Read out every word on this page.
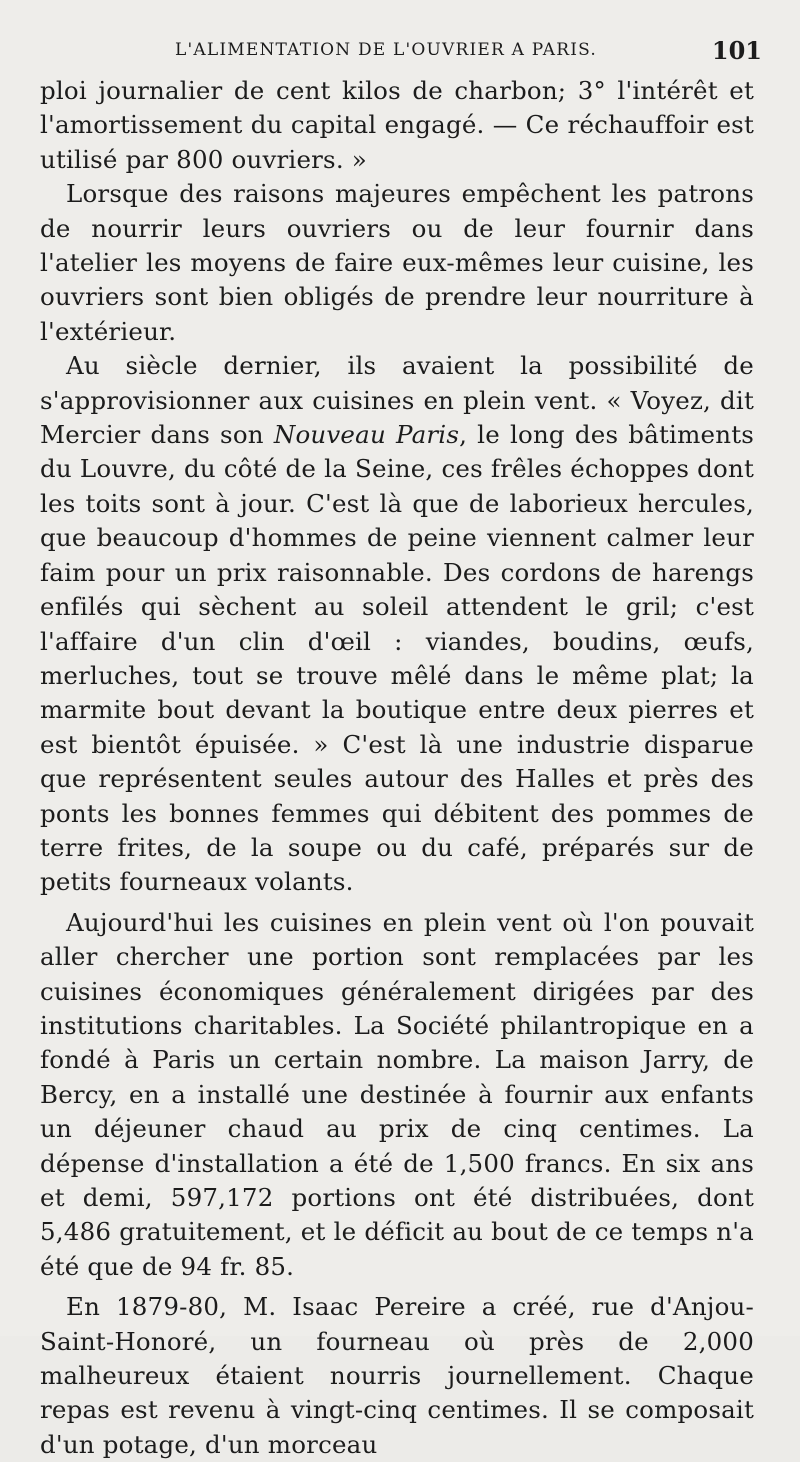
L'ALIMENTATION DE L'OUVRIER A PARIS.	101

ploi journalier de cent kilos de charbon; 3° l'intérêt et l'amortissement du capital engagé. — Ce réchauffoir est utilisé par 800 ouvriers. »

Lorsque des raisons majeures empêchent les patrons de nourrir leurs ouvriers ou de leur fournir dans l'atelier les moyens de faire eux-mêmes leur cuisine, les ouvriers sont bien obligés de prendre leur nourriture à l'extérieur.

Au siècle dernier, ils avaient la possibilité de s'approvisionner aux cuisines en plein vent. « Voyez, dit Mercier dans son Nouveau Paris, le long des bâtiments du Louvre, du côté de la Seine, ces frêles échoppes dont les toits sont à jour. C'est là que de laborieux hercules, que beaucoup d'hommes de peine viennent calmer leur faim pour un prix raisonnable. Des cordons de harengs enfilés qui sèchent au soleil attendent le gril; c'est l'affaire d'un clin d'œil : viandes, boudins, œufs, merluches, tout se trouve mêlé dans le même plat; la marmite bout devant la boutique entre deux pierres et est bientôt épuisée. » C'est là une industrie disparue que représentent seules autour des Halles et près des ponts les bonnes femmes qui débitent des pommes de terre frites, de la soupe ou du café, préparés sur de petits fourneaux volants.

Aujourd'hui les cuisines en plein vent où l'on pouvait aller chercher une portion sont remplacées par les cuisines économiques généralement dirigées par des institutions charitables. La Société philantropique en a fondé à Paris un certain nombre. La maison Jarry, de Bercy, en a installé une destinée à fournir aux enfants un déjeuner chaud au prix de cinq centimes. La dépense d'installation a été de 1,500 francs. En six ans et demi, 597,172 portions ont été distribuées, dont 5,486 gratuitement, et le déficit au bout de ce temps n'a été que de 94 fr. 85.

En 1879-80, M. Isaac Pereire a créé, rue d'Anjou-Saint-Honoré, un fourneau où près de 2,000 malheureux étaient nourris journellement. Chaque repas est revenu à vingt-cinq centimes. Il se composait d'un potage, d'un morceau
